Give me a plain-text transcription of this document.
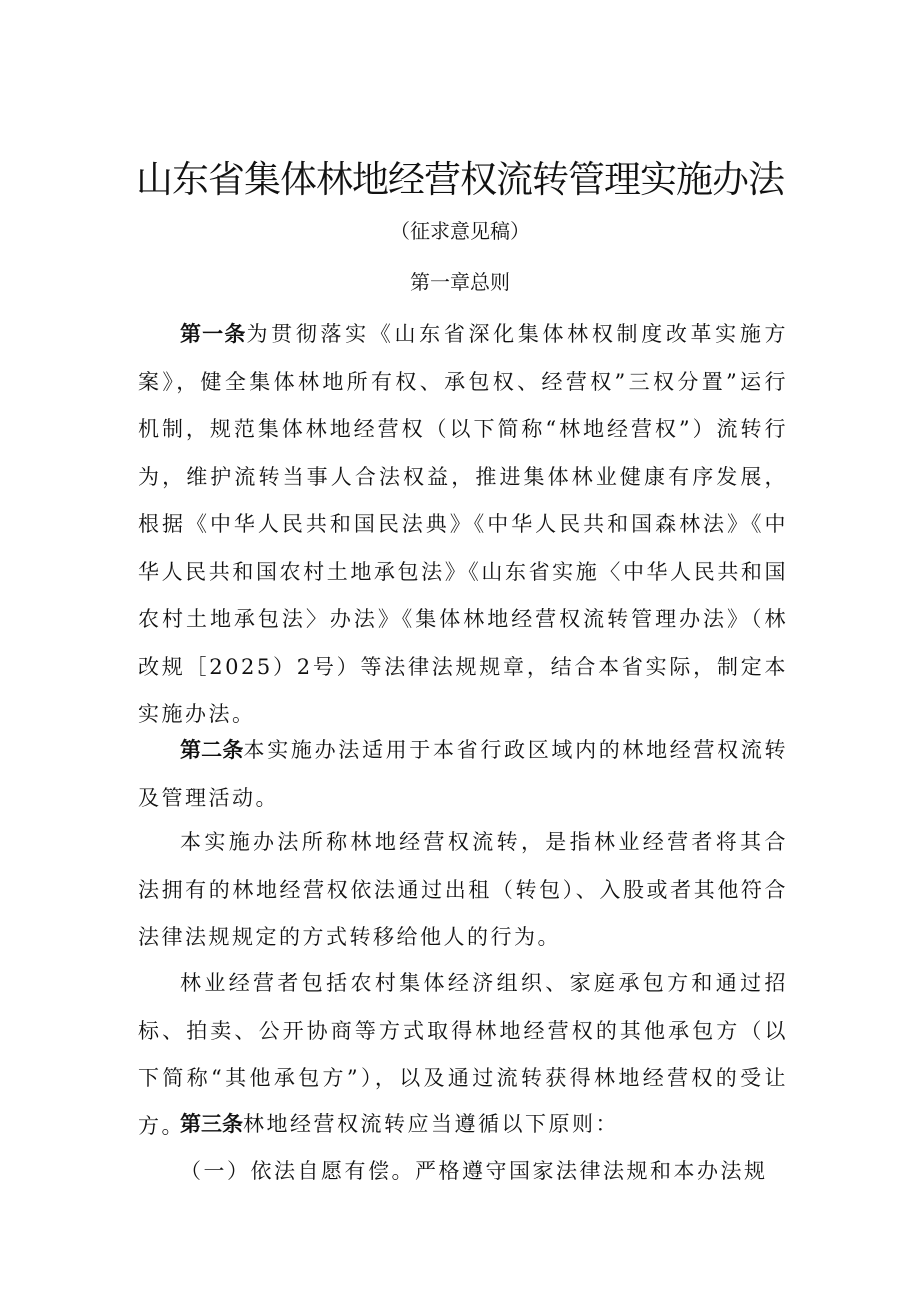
山东省集体林地经营权流转管理实施办法
（征求意见稿）
第一章总则

第一条为贯彻落实《山东省深化集体林权制度改革实施方案》，健全集体林地所有权、承包权、经营权”三权分置”运行机制，规范集体林地经营权（以下简称“林地经营权”）流转行为，维护流转当事人合法权益，推进集体林业健康有序发展，根据《中华人民共和国民法典》《中华人民共和国森林法》《中华人民共和国农村土地承包法》《山东省实施〈中华人民共和国农村土地承包法〉办法》《集体林地经营权流转管理办法》（林改规［2025）2号）等法律法规规章，结合本省实际，制定本实施办法。

第二条本实施办法适用于本省行政区域内的林地经营权流转及管理活动。

本实施办法所称林地经营权流转，是指林业经营者将其合法拥有的林地经营权依法通过出租（转包）、入股或者其他符合法律法规规定的方式转移给他人的行为。

林业经营者包括农村集体经济组织、家庭承包方和通过招标、拍卖、公开协商等方式取得林地经营权的其他承包方（以下简称“其他承包方”），以及通过流转获得林地经营权的受让方。

第三条林地经营权流转应当遵循以下原则：

（一）依法自愿有偿。严格遵守国家法律法规和本办法规
